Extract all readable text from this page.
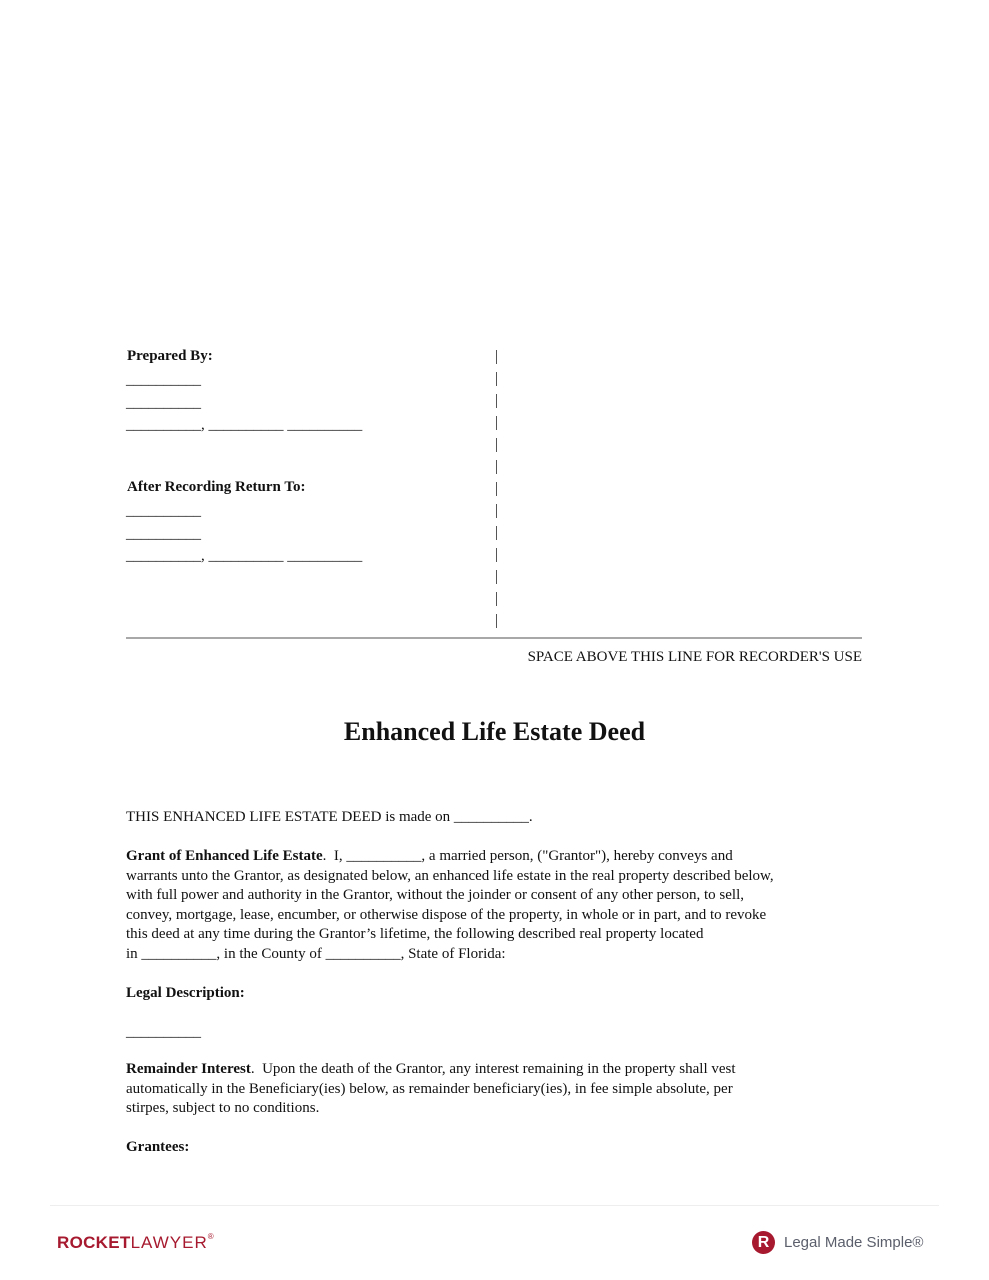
Prepared By:
__________
__________
__________, __________ __________
After Recording Return To:
__________
__________
__________, __________ __________
SPACE ABOVE THIS LINE FOR RECORDER'S USE
Enhanced Life Estate Deed
THIS ENHANCED LIFE ESTATE DEED is made on __________.
Grant of Enhanced Life Estate.  I, __________, a married person, ("Grantor"), hereby conveys and
warrants unto the Grantor, as designated below, an enhanced life estate in the real property described below,
with full power and authority in the Grantor, without the joinder or consent of any other person, to sell,
convey, mortgage, lease, encumber, or otherwise dispose of the property, in whole or in part, and to revoke
this deed at any time during the Grantor’s lifetime, the following described real property located
in __________, in the County of __________, State of Florida:
Legal Description:
__________
Remainder Interest.  Upon the death of the Grantor, any interest remaining in the property shall vest
automatically in the Beneficiary(ies) below, as remainder beneficiary(ies), in fee simple absolute, per
stirpes, subject to no conditions.
Grantees:
ROCKETLAWYER®	R Legal Made Simple®
